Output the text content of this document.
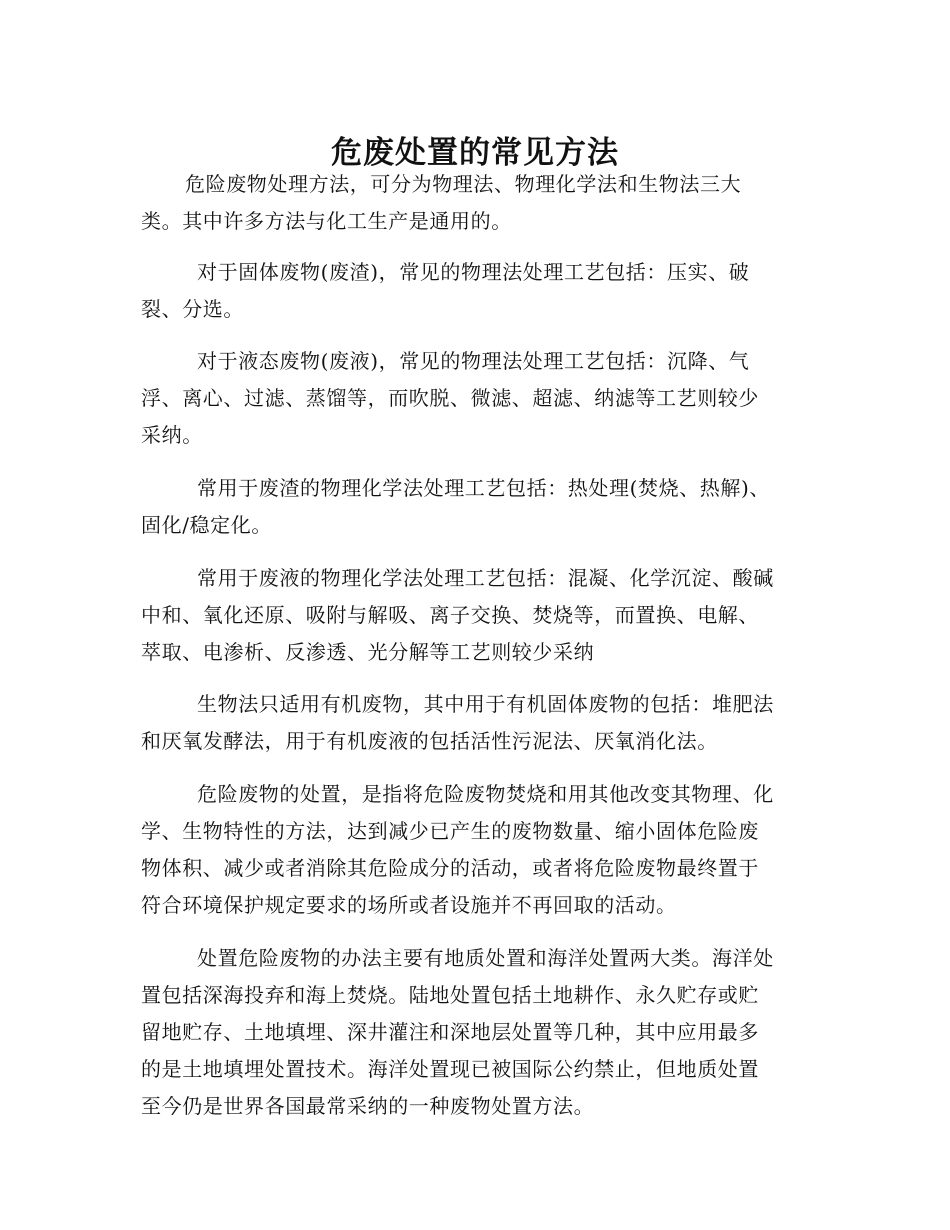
危废处置的常见方法
危险废物处理方法，可分为物理法、物理化学法和生物法三大
类。其中许多方法与化工生产是通用的。
对于固体废物(废渣)，常见的物理法处理工艺包括：压实、破
裂、分选。
对于液态废物(废液)，常见的物理法处理工艺包括：沉降、气
浮、离心、过滤、蒸馏等，而吹脱、微滤、超滤、纳滤等工艺则较少
采纳。
常用于废渣的物理化学法处理工艺包括：热处理(焚烧、热解)、
固化/稳定化。
常用于废液的物理化学法处理工艺包括：混凝、化学沉淀、酸碱
中和、氧化还原、吸附与解吸、离子交换、焚烧等，而置换、电解、
萃取、电渗析、反渗透、光分解等工艺则较少采纳
生物法只适用有机废物，其中用于有机固体废物的包括：堆肥法
和厌氧发酵法，用于有机废液的包括活性污泥法、厌氧消化法。
危险废物的处置，是指将危险废物焚烧和用其他改变其物理、化
学、生物特性的方法，达到减少已产生的废物数量、缩小固体危险废
物体积、减少或者消除其危险成分的活动，或者将危险废物最终置于
符合环境保护规定要求的场所或者设施并不再回取的活动。
处置危险废物的办法主要有地质处置和海洋处置两大类。海洋处
置包括深海投弃和海上焚烧。陆地处置包括土地耕作、永久贮存或贮
留地贮存、土地填埋、深井灌注和深地层处置等几种，其中应用最多
的是土地填埋处置技术。海洋处置现已被国际公约禁止，但地质处置
至今仍是世界各国最常采纳的一种废物处置方法。
